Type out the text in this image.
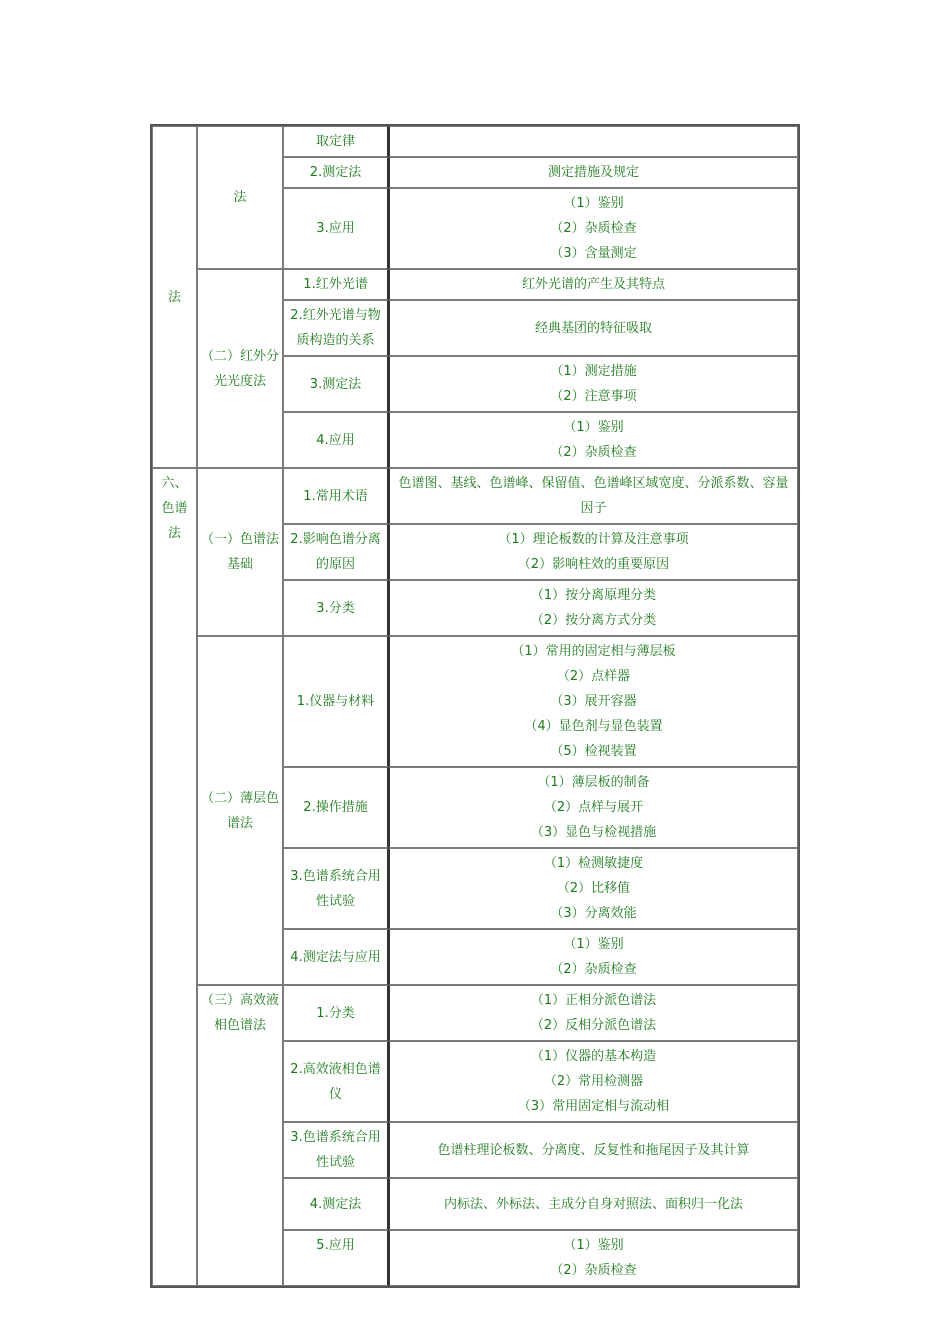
法	法	取定律	

		2.测定法	测定措施及规定

		3.应用	（1）鉴别
（2）杂质检查
（3）含量测定

	（二）红外分光光度法	1.红外光谱	红外光谱的产生及其特点

		2.红外光谱与物质构造的关系	经典基团的特征吸取

		3.测定法	（1）测定措施
（2）注意事项

		4.应用	（1）鉴别
（2）杂质检查

六、色谱法	（一）色谱法基础	1.常用术语	色谱图、基线、色谱峰、保留值、色谱峰区域宽度、分派系数、容量因子

		2.影响色谱分离的原因	（1）理论板数的计算及注意事项
（2）影响柱效的重要原因

		3.分类	（1）按分离原理分类
（2）按分离方式分类

	（二）薄层色谱法	1.仪器与材料	（1）常用的固定相与薄层板
（2）点样器
（3）展开容器
（4）显色剂与显色装置
（5）检视装置

		2.操作措施	（1）薄层板的制备
（2）点样与展开
（3）显色与检视措施

		3.色谱系统合用性试验	（1）检测敏捷度
（2）比移值
（3）分离效能

		4.测定法与应用	（1）鉴别
（2）杂质检查

	（三）高效液相色谱法	1.分类	（1）正相分派色谱法
（2）反相分派色谱法

		2.高效液相色谱仪	（1）仪器的基本构造
（2）常用检测器
（3）常用固定相与流动相

		3.色谱系统合用性试验	色谱柱理论板数、分离度、反复性和拖尾因子及其计算

		4.测定法	内标法、外标法、主成分自身对照法、面积归一化法

		5.应用	（1）鉴别
（2）杂质检查
